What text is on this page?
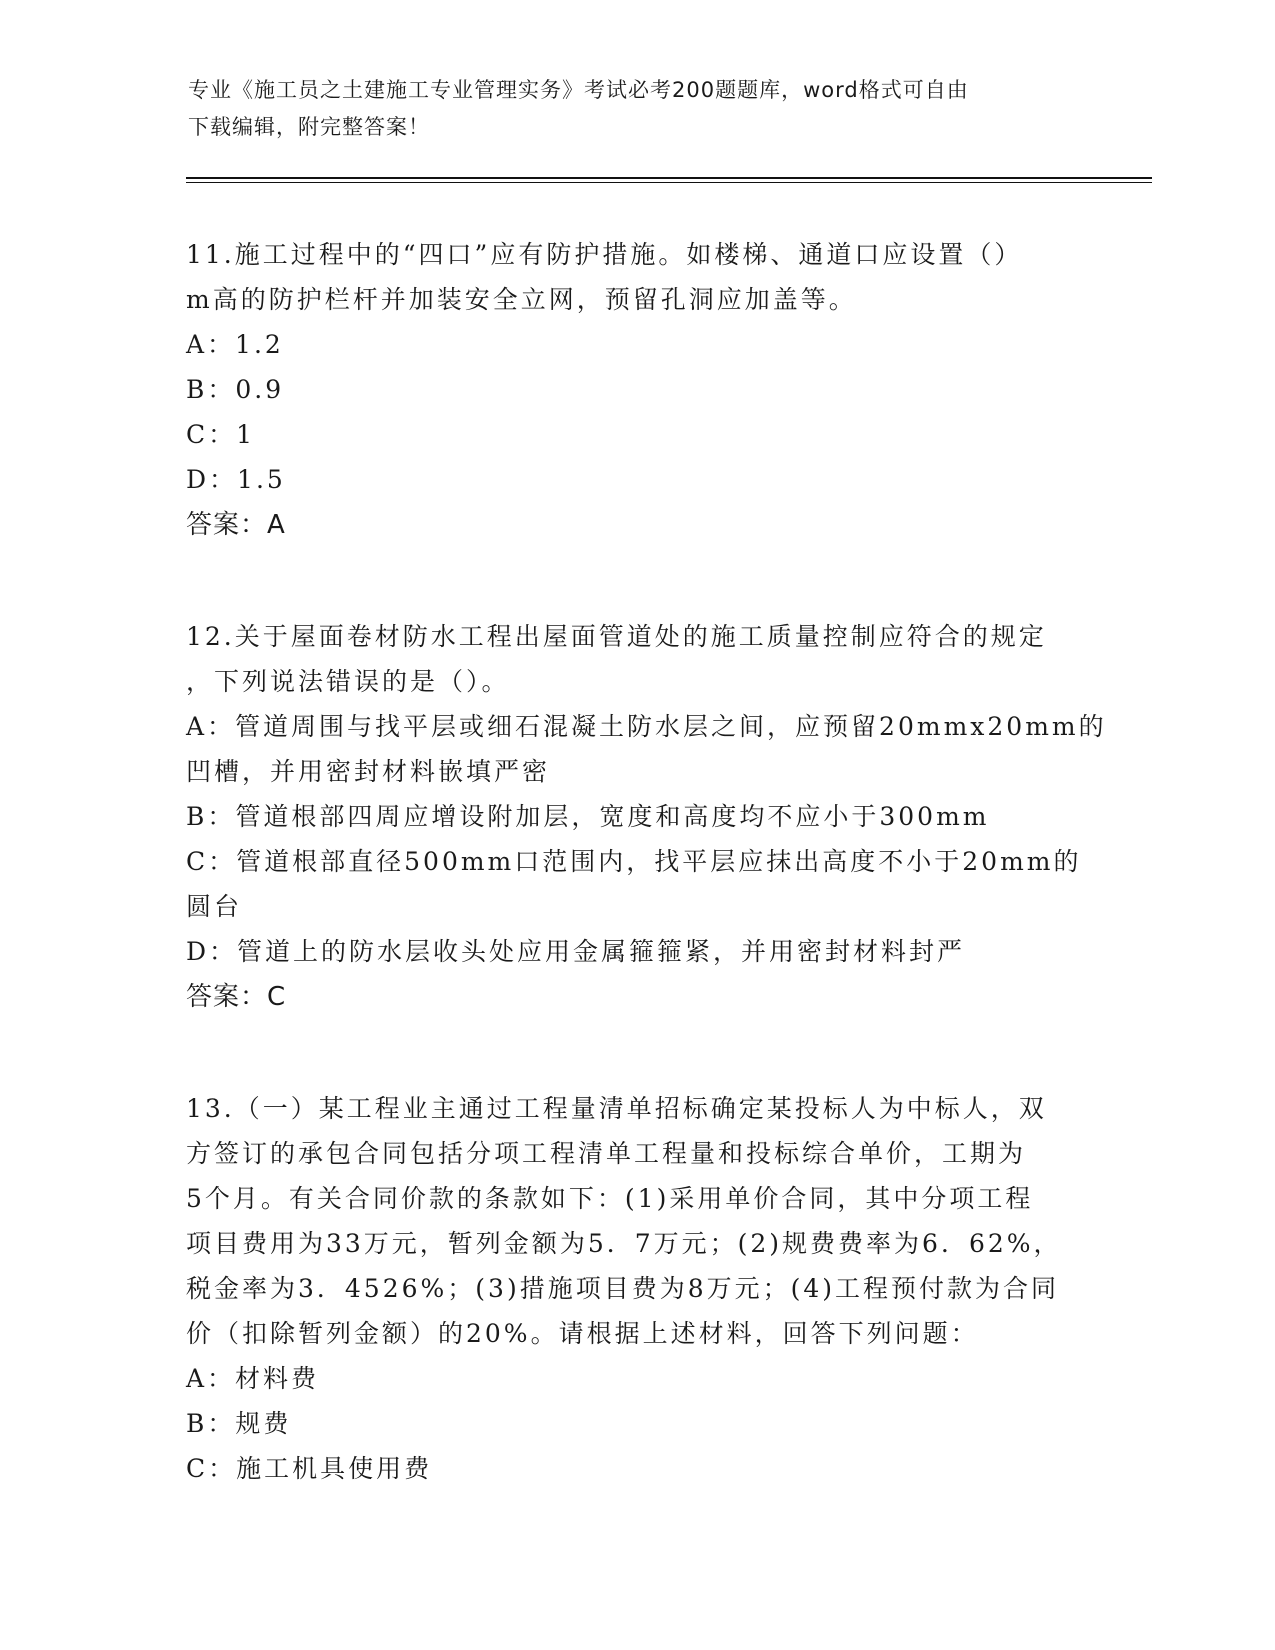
专业《施工员之土建施工专业管理实务》考试必考200题题库，word格式可自由
下载编辑，附完整答案！
11.施工过程中的“四口”应有防护措施。如楼梯、通道口应设置（）
m高的防护栏杆并加装安全立网，预留孔洞应加盖等。
A：1.2
B：0.9
C：1
D：1.5
答案：A
12.关于屋面卷材防水工程出屋面管道处的施工质量控制应符合的规定
，下列说法错误的是（）。
A：管道周围与找平层或细石混凝土防水层之间，应预留20mmx20mm的
凹槽，并用密封材料嵌填严密
B：管道根部四周应增设附加层，宽度和高度均不应小于300mm
C：管道根部直径500mm口范围内，找平层应抹出高度不小于20mm的
圆台
D：管道上的防水层收头处应用金属箍箍紧，并用密封材料封严
答案：C
13.（一）某工程业主通过工程量清单招标确定某投标人为中标人，双
方签订的承包合同包括分项工程清单工程量和投标综合单价，工期为
5个月。有关合同价款的条款如下：(1)采用单价合同，其中分项工程
项目费用为33万元，暂列金额为5．7万元；(2)规费费率为6．62%，
税金率为3．4526%；(3)措施项目费为8万元；(4)工程预付款为合同
价（扣除暂列金额）的20%。请根据上述材料，回答下列问题：
A：材料费
B：规费
C：施工机具使用费
